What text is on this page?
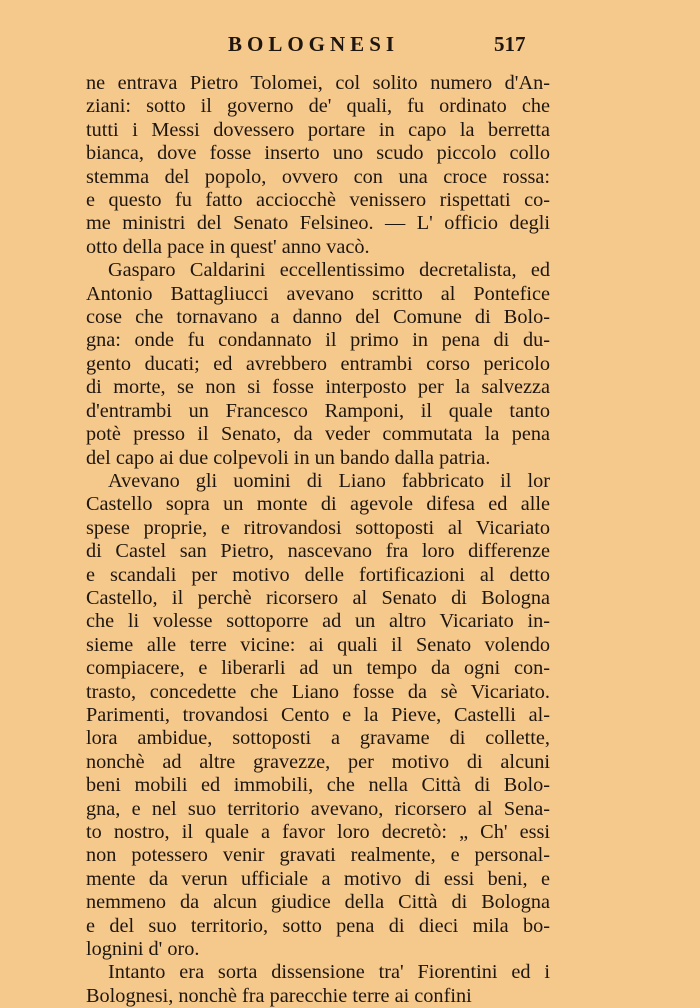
BOLOGNESI	517
ne entrava Pietro Tolomei, col solito numero d'An-
ziani: sotto il governo de' quali, fu ordinato che
tutti i Messi dovessero portare in capo la berretta
bianca, dove fosse inserto uno scudo piccolo collo
stemma del popolo, ovvero con una croce rossa:
e questo fu fatto acciocchè venissero rispettati co-
me ministri del Senato Felsineo. — L' officio degli
otto della pace in quest' anno vacò.
Gasparo Caldarini eccellentissimo decretalista, ed
Antonio Battagliucci avevano scritto al Pontefice
cose che tornavano a danno del Comune di Bolo-
gna: onde fu condannato il primo in pena di du-
gento ducati; ed avrebbero entrambi corso pericolo
di morte, se non si fosse interposto per la salvezza
d'entrambi un Francesco Ramponi, il quale tanto
potè presso il Senato, da veder commutata la pena
del capo ai due colpevoli in un bando dalla patria.
Avevano gli uomini di Liano fabbricato il lor
Castello sopra un monte di agevole difesa ed alle
spese proprie, e ritrovandosi sottoposti al Vicariato
di Castel san Pietro, nascevano fra loro differenze
e scandali per motivo delle fortificazioni al detto
Castello, il perchè ricorsero al Senato di Bologna
che li volesse sottoporre ad un altro Vicariato in-
sieme alle terre vicine: ai quali il Senato volendo
compiacere, e liberarli ad un tempo da ogni con-
trasto, concedette che Liano fosse da sè Vicariato.
Parimenti, trovandosi Cento e la Pieve, Castelli al-
lora ambidue, sottoposti a gravame di collette,
nonchè ad altre gravezze, per motivo di alcuni
beni mobili ed immobili, che nella Città di Bolo-
gna, e nel suo territorio avevano, ricorsero al Sena-
to nostro, il quale a favor loro decretò: „ Ch' essi
non potessero venir gravati realmente, e personal-
mente da verun ufficiale a motivo di essi beni, e
nemmeno da alcun giudice della Città di Bologna
e del suo territorio, sotto pena di dieci mila bo-
lognini d' oro.
Intanto era sorta dissensione tra' Fiorentini ed i
Bolognesi, nonchè fra parecchie terre ai confini
